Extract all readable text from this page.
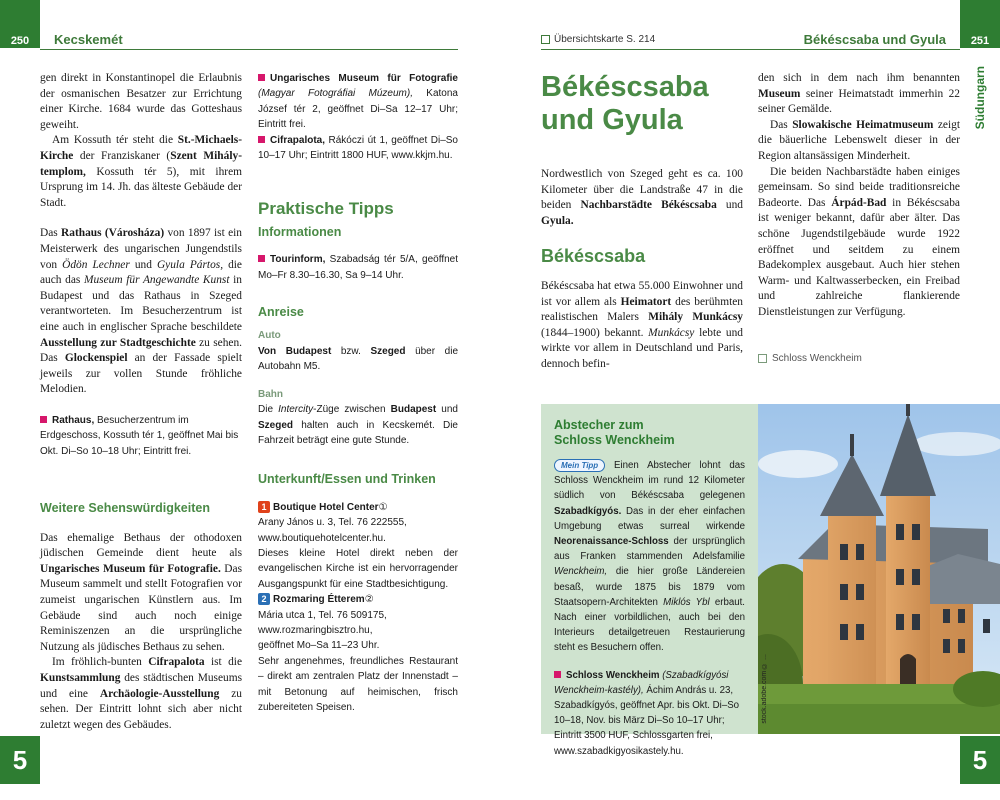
250 Kecskemét	Übersichtskarte S. 214	Békéscsaba und Gyula 251
Südungarn

gen direkt in Konstantinopel die Erlaubnis der osmanischen Besatzer zur Errichtung einer Kirche. 1684 wurde das Gotteshaus geweiht.

Am Kossuth tér steht die St.-Michaels-Kirche der Franziskaner (Szent Mihály-templom, Kossuth tér 5), mit ihrem Ursprung im 14. Jh. das älteste Gebäude der Stadt.

Das Rathaus (Városháza) von 1897 ist ein Meisterwerk des ungarischen Jungendstils von Ödön Lechner und Gyula Pártos, die auch das Museum für Angewandte Kunst in Budapest und das Rathaus in Szeged verantworteten. Im Besucherzentrum ist eine auch in englischer Sprache beschildete Ausstellung zur Stadtgeschichte zu sehen. Das Glockenspiel an der Fassade spielt jeweils zur vollen Stunde fröhliche Melodien.

Rathaus, Besucherzentrum im Erdgeschoss, Kossuth tér 1, geöffnet Mai bis Okt. Di–So 10–18 Uhr; Eintritt frei.

Weitere Sehenswürdigkeiten

Das ehemalige Bethaus der othodoxen jüdischen Gemeinde dient heute als Ungarisches Museum für Fotografie. Das Museum sammelt und stellt Fotografien vor zumeist ungarischen Künstlern aus. Im Gebäude sind auch noch einige Reminiszenzen an die ursprüngliche Nutzung als jüdisches Bethaus zu sehen.

Im fröhlich-bunten Cifrapalota ist die Kunstsammlung des städtischen Museums und eine Archäologie-Ausstellung zu sehen. Der Eintritt lohnt sich aber nicht zuletzt wegen des Gebäudes.

Ungarisches Museum für Fotografie (Magyar Fotográfiai Múzeum), Katona József tér 2, geöffnet Di–Sa 12–17 Uhr; Eintritt frei.

Cifrapalota, Rákóczi út 1, geöffnet Di–So 10–17 Uhr; Eintritt 1800 HUF, www.kkjm.hu.

Praktische Tipps
Informationen

Tourinform, Szabadság tér 5/A, geöffnet Mo–Fr 8.30–16.30, Sa 9–14 Uhr.

Anreise
Auto

Von Budapest bzw. Szeged über die Autobahn M5.

Bahn

Die Intercity-Züge zwischen Budapest und Szeged halten auch in Kecskemét. Die Fahrzeit beträgt eine gute Stunde.

Unterkunft/Essen und Trinken

1 Boutique Hotel Center①
Arany János u. 3, Tel. 76 222555,
www.boutiquehotelcenter.hu.
Dieses kleine Hotel direkt neben der evangelischen Kirche ist ein hervorragender Ausgangspunkt für eine Stadtbesichtigung.

2 Rozmaring Étterem②
Mária utca 1, Tel. 76 509175,
www.rozmaringbisztro.hu,
geöffnet Mo–Sa 11–23 Uhr.
Sehr angenehmes, freundliches Restaurant – direkt am zentralen Platz der Innenstadt – mit Betonung auf heimischen, frisch zubereiteten Speisen.

Békéscsaba
und Gyula

Nordwestlich von Szeged geht es ca. 100 Kilometer über die Landstraße 47 in die beiden Nachbarstädte Békéscsaba und Gyula.

Békéscsaba

Békéscsaba hat etwa 55.000 Einwohner und ist vor allem als Heimatort des berühmten realistischen Malers Mihály Munkácsy (1844–1900) bekannt. Munkácsy lebte und wirkte vor allem in Deutschland und Paris, dennoch befin-

den sich in dem nach ihm benannten Museum seiner Heimatstadt immerhin 22 seiner Gemälde.

Das Slowakische Heimatmuseum zeigt die bäuerliche Lebenswelt dieser in der Region altansässigen Minderheit.

Die beiden Nachbarstädte haben einiges gemeinsam. So sind beide traditionsreiche Badeorte. Das Árpád-Bad in Békéscsaba ist weniger bekannt, dafür aber älter. Das schöne Jugendstilgebäude wurde 1922 eröffnet und seitdem zu einem Badekomplex ausgebaut. Auch hier stehen Warm- und Kaltwasserbecken, ein Freibad und zahlreiche flankierende Dienstleistungen zur Verfügung.

Schloss Wenckheim
Abstecher zum
Schloss Wenckheim

Mein Tipp Einen Abstecher lohnt das Schloss Wenckheim im rund 12 Kilometer südlich von Békéscsaba gelegenen Szabadkígyós. Das in der eher einfachen Umgebung etwas surreal wirkende Neorenaissance-Schloss der ursprünglich aus Franken stammenden Adelsfamilie Wenckheim, die hier große Ländereien besaß, wurde 1875 bis 1879 vom Staatsopern-Architekten Miklós Ybl erbaut. Nach einer vorbildlichen, auch bei den Interieurs detailgetreuen Restaurierung steht es Besuchern offen.

Schloss Wenckheim (Szabadkígyósi Wenckheim-kastély), Áchim András u. 23, Szabadkígyós, geöffnet Apr. bis Okt. Di–So 10–18, Nov. bis März Di–So 10–17 Uhr; Eintritt 3500 HUF, Schlossgarten frei, www.szabadkigyosikastely.hu.

stock.adobe.com © ...
5	5
